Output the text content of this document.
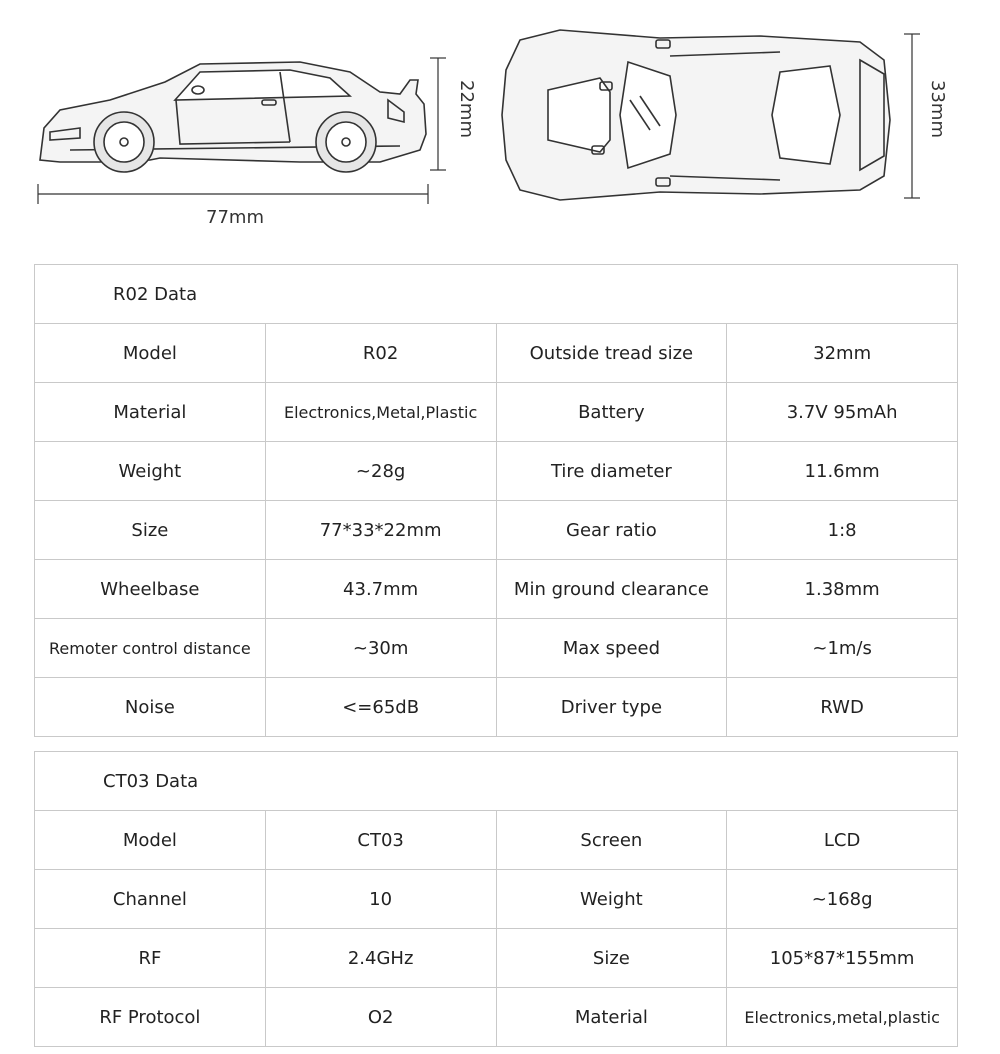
77mm
22mm	33mm
R02 Data			
Model	R02	Outside tread size	32mm
Material	Electronics,Metal,Plastic	Battery	3.7V 95mAh
Weight	~28g	Tire diameter	11.6mm
Size	77*33*22mm	Gear ratio	1:8
Wheelbase	43.7mm	Min ground clearance	1.38mm
Remoter control distance	~30m	Max speed	~1m/s
Noise	<=65dB	Driver type	RWD
CT03 Data			
Model	CT03	Screen	LCD
Channel	10	Weight	~168g
RF	2.4GHz	Size	105*87*155mm
RF Protocol	O2	Material	Electronics,metal,plastic
